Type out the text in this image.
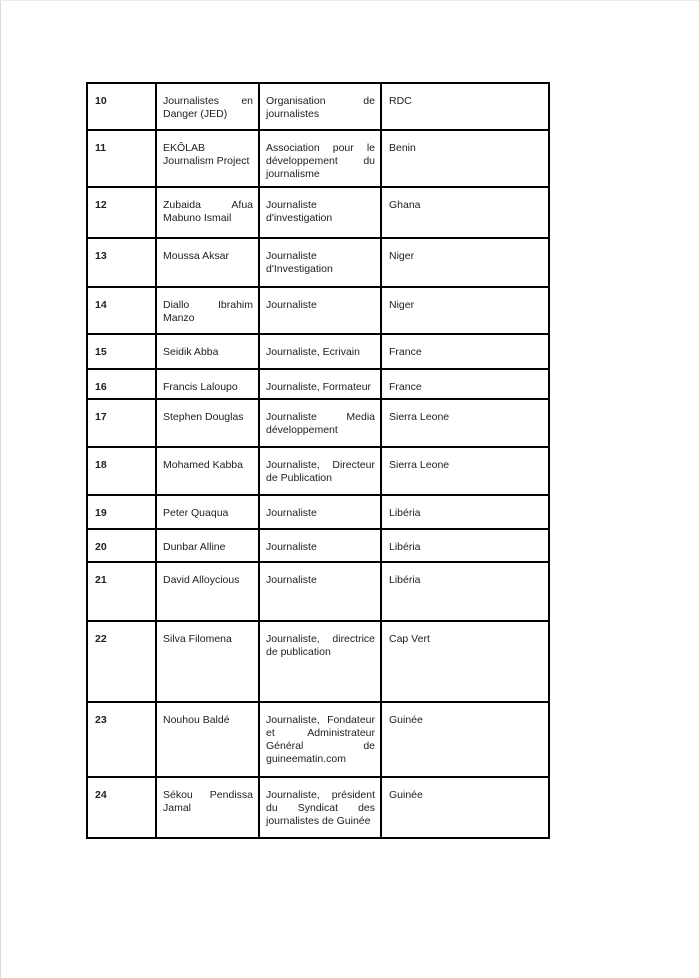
10	Journalistes en Danger (JED)	Organisation de journalistes	RDC
11	EKÔLAB Journalism Project	Association pour le développement du journalisme	Benin
12	Zubaida Afua Mabuno Ismail	Journaliste d'investigation	Ghana
13	Moussa Aksar	Journaliste d'Investigation	Niger
14	Diallo Ibrahim Manzo	Journaliste	Niger
15	Seidik Abba	Journaliste, Ecrivain	France
16	Francis Laloupo	Journaliste, Formateur	France
17	Stephen Douglas	Journaliste Media développement	Sierra Leone
18	Mohamed Kabba	Journaliste, Directeur de Publication	Sierra Leone
19	Peter Quaqua	Journaliste	Libéria
20	Dunbar Alline	Journaliste	Libéria
21	David Alloycious	Journaliste	Libéria
22	Silva Filomena	Journaliste, directrice de publication	Cap Vert
23	Nouhou Baldé	Journaliste, Fondateur et Administrateur Général de guineematin.com	Guinée
24	Sékou Pendissa Jamal	Journaliste, président du Syndicat des journalistes de Guinée	Guinée
